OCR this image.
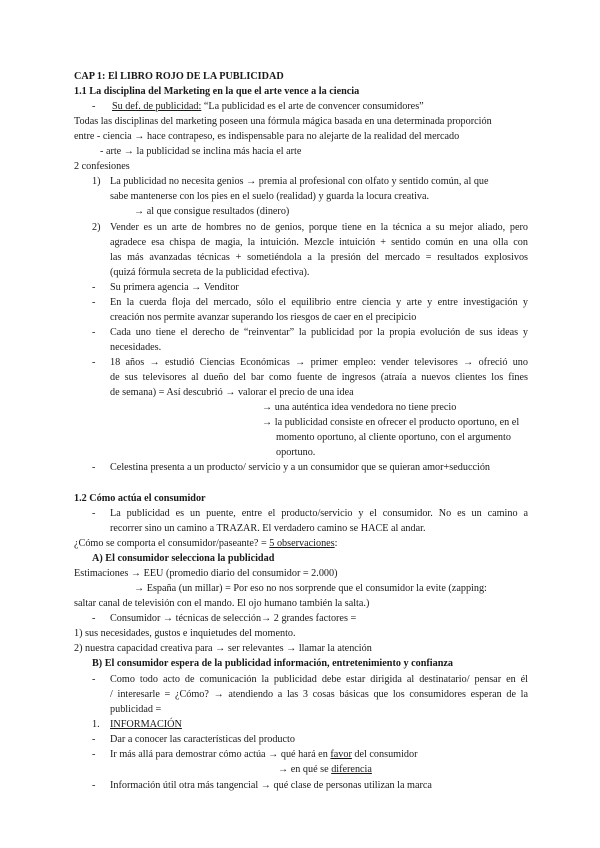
CAP 1: El LIBRO ROJO DE LA PUBLICIDAD
1.1 La disciplina del Marketing en la que el arte vence a la ciencia
- Su def. de publicidad: “La publicidad es el arte de convencer consumidores”
Todas las disciplinas del marketing poseen una fórmula mágica basada en una determinada proporción
entre - ciencia → hace contrapeso, es indispensable para no alejarte de la realidad del mercado
- arte → la publicidad se inclina más hacia el arte
2 confesiones
1) La publicidad no necesita genios → premia al profesional con olfato y sentido común, al que
sabe mantenerse con los pies en el suelo (realidad) y guarda la locura creativa.
→ al que consigue resultados (dinero)
2) Vender es un arte de hombres no de genios, porque tiene en la técnica a su mejor aliado, pero
agradece esa chispa de magia, la intuición. Mezcle intuición + sentido común en una olla con
las más avanzadas técnicas + sometiéndola a la presión del mercado = resultados explosivos
(quizá fórmula secreta de la publicidad efectiva).
- Su primera agencia → Venditor
- En la cuerda floja del mercado, sólo el equilibrio entre ciencia y arte y entre investigación y
creación nos permite avanzar superando los riesgos de caer en el precipicio
- Cada uno tiene el derecho de “reinventar” la publicidad por la propia evolución de sus ideas y
necesidades.
- 18 años → estudió Ciencias Económicas → primer empleo: vender televisores → ofreció uno
de sus televisores al dueño del bar como fuente de ingresos (atraía a nuevos clientes los fines
de semana) = Así descubrió → valorar el precio de una idea
→ una auténtica idea vendedora no tiene precio
→ la publicidad consiste en ofrecer el producto oportuno, en el
momento oportuno, al cliente oportuno, con el argumento
oportuno.
- Celestina presenta a un producto/ servicio y a un consumidor que se quieran amor+seducción
1.2 Cómo actúa el consumidor
- La publicidad es un puente, entre el producto/servicio y el consumidor. No es un camino a
recorrer sino un camino a TRAZAR. El verdadero camino se HACE al andar.
¿Cómo se comporta el consumidor/paseante? = 5 observaciones:
A) El consumidor selecciona la publicidad
Estimaciones → EEU (promedio diario del consumidor = 2.000)
→ España (un millar) = Por eso no nos sorprende que el consumidor la evite (zapping:
saltar canal de televisión con el mando. El ojo humano también la salta.)
- Consumidor → técnicas de selección→ 2 grandes factores =
1) sus necesidades, gustos e inquietudes del momento.
2) nuestra capacidad creativa para → ser relevantes → llamar la atención
B) El consumidor espera de la publicidad información, entretenimiento y confianza
- Como todo acto de comunicación la publicidad debe estar dirigida al destinatario/ pensar en él
/ interesarle = ¿Cómo? → atendiendo a las 3 cosas básicas que los consumidores esperan de la
publicidad =
1. INFORMACIÓN
- Dar a conocer las características del producto
- Ir más allá para demostrar cómo actúa → qué hará en favor del consumidor
→ en qué se diferencia
- Información útil otra más tangencial → qué clase de personas utilizan la marca
